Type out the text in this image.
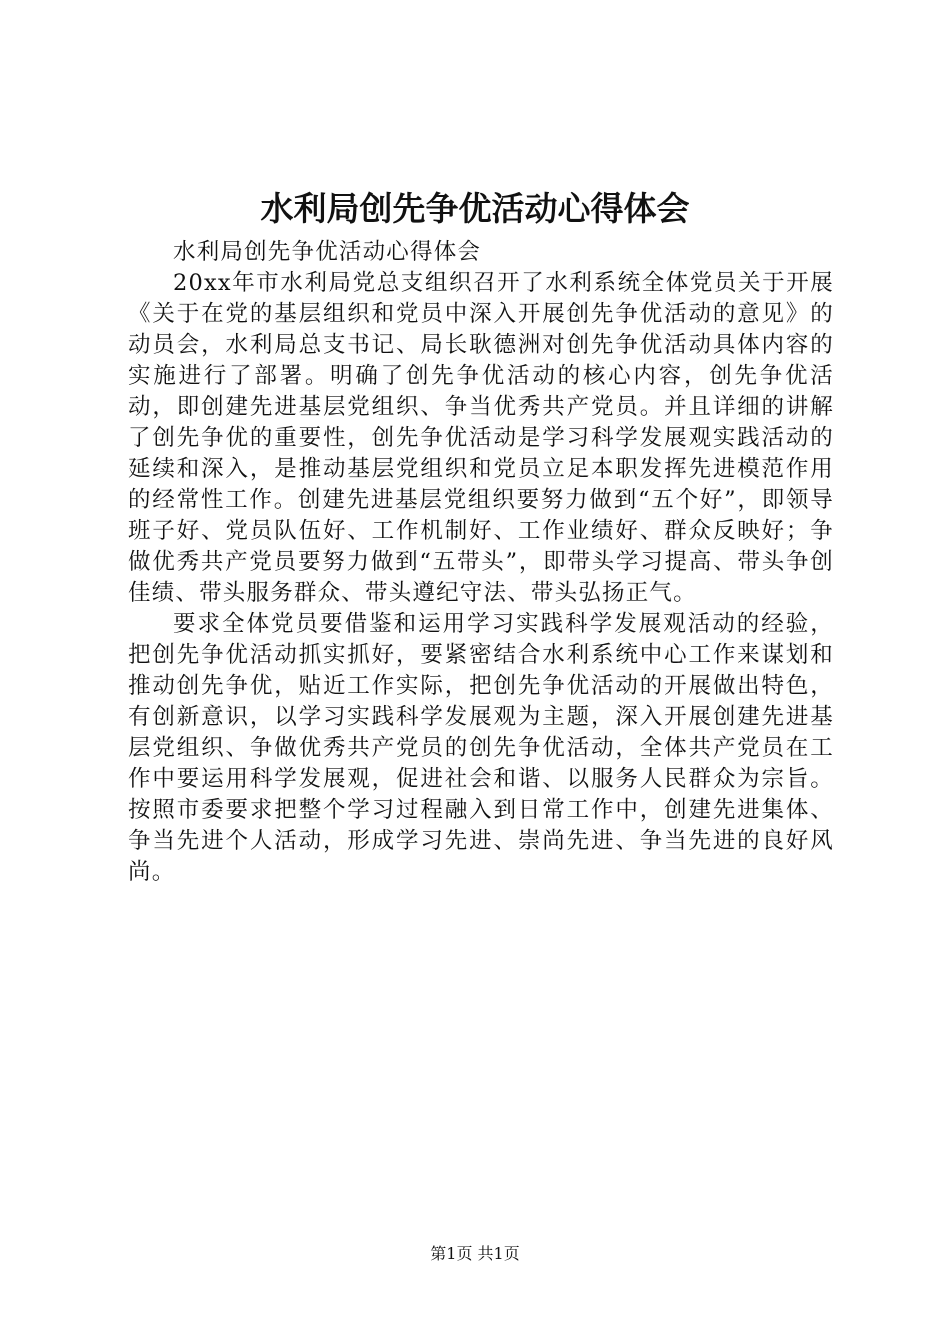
水利局创先争优活动心得体会

水利局创先争优活动心得体会

20xx年市水利局党总支组织召开了水利系统全体党员关于开展《关于在党的基层组织和党员中深入开展创先争优活动的意见》的动员会，水利局总支书记、局长耿德洲对创先争优活动具体内容的实施进行了部署。明确了创先争优活动的核心内容，创先争优活动，即创建先进基层党组织、争当优秀共产党员。并且详细的讲解了创先争优的重要性，创先争优活动是学习科学发展观实践活动的延续和深入，是推动基层党组织和党员立足本职发挥先进模范作用的经常性工作。创建先进基层党组织要努力做到“五个好”，即领导班子好、党员队伍好、工作机制好、工作业绩好、群众反映好；争做优秀共产党员要努力做到“五带头”，即带头学习提高、带头争创佳绩、带头服务群众、带头遵纪守法、带头弘扬正气。

要求全体党员要借鉴和运用学习实践科学发展观活动的经验，把创先争优活动抓实抓好，要紧密结合水利系统中心工作来谋划和推动创先争优，贴近工作实际，把创先争优活动的开展做出特色，有创新意识，以学习实践科学发展观为主题，深入开展创建先进基层党组织、争做优秀共产党员的创先争优活动，全体共产党员在工作中要运用科学发展观，促进社会和谐、以服务人民群众为宗旨。按照市委要求把整个学习过程融入到日常工作中，创建先进集体、争当先进个人活动，形成学习先进、崇尚先进、争当先进的良好风尚。

第1页 共1页
